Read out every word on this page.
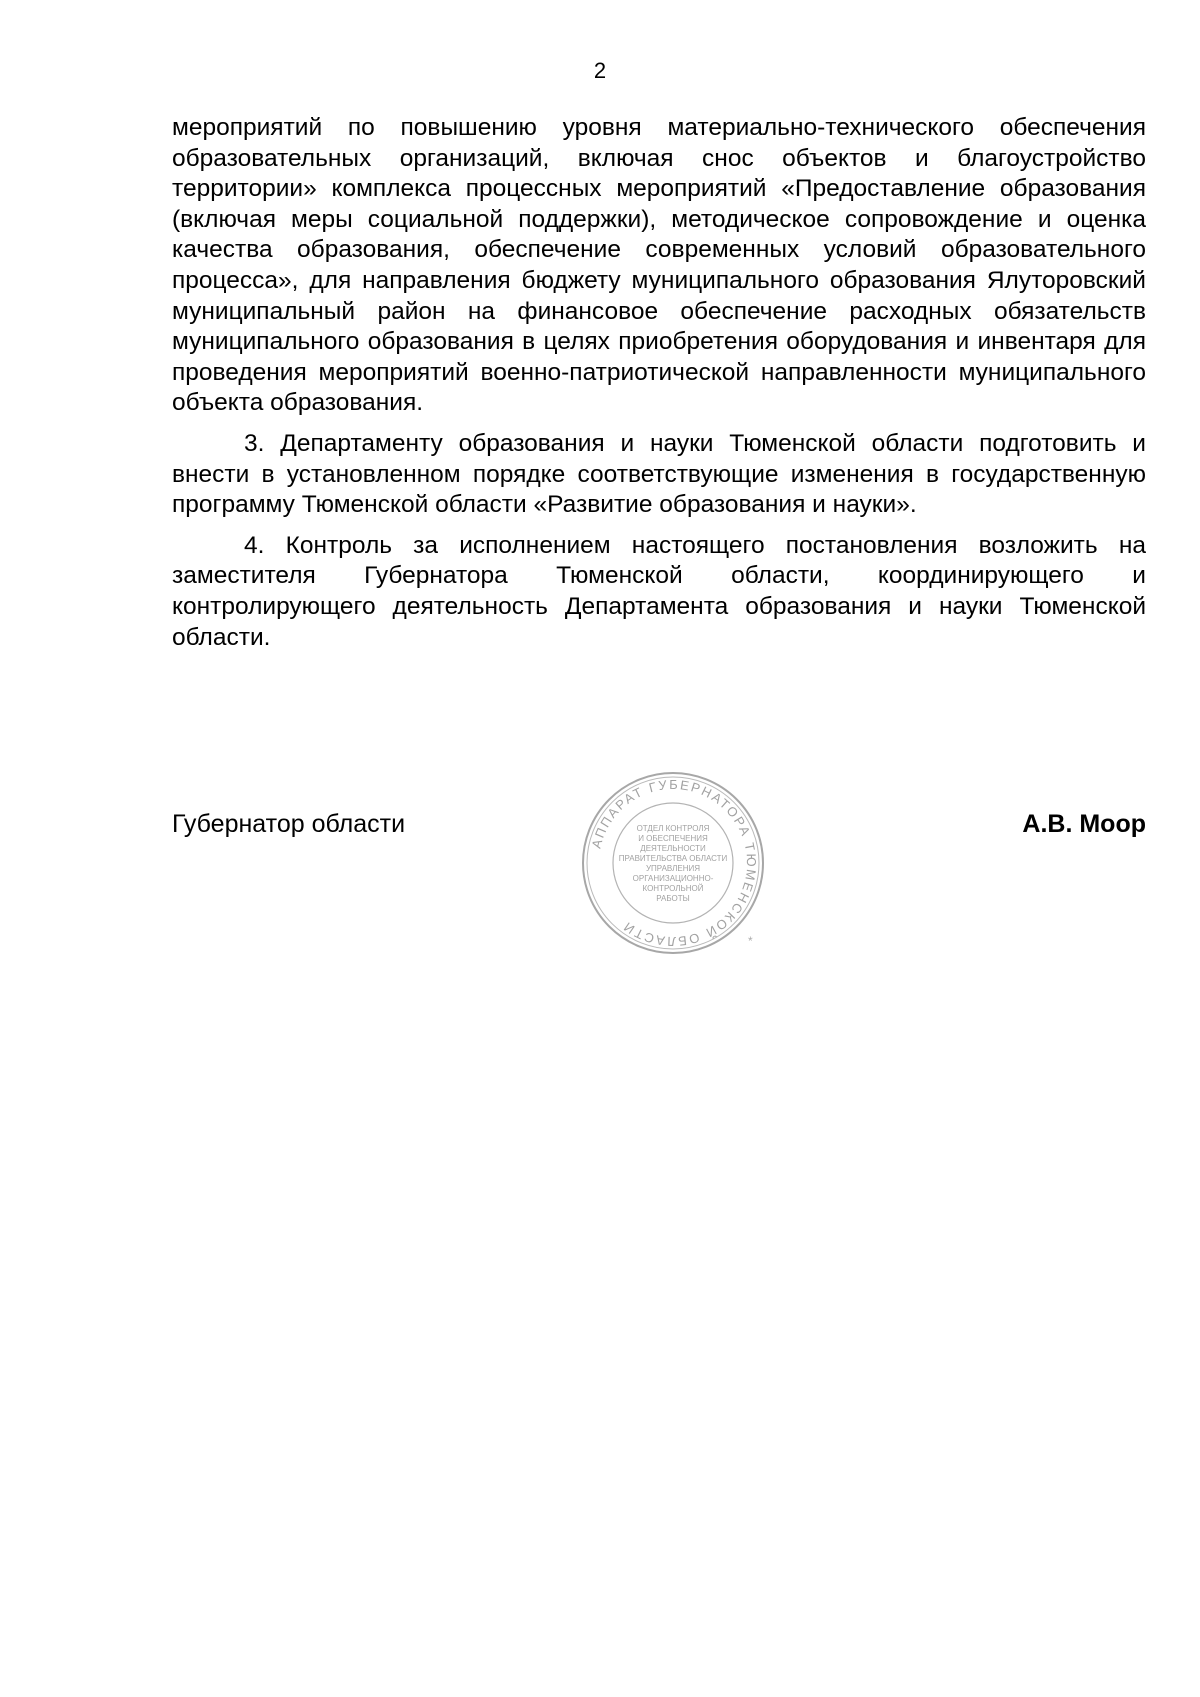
2

мероприятий по повышению уровня материально-технического обеспечения образовательных организаций, включая снос объектов и благоустройство территории» комплекса процессных мероприятий «Предоставление образования (включая меры социальной поддержки), методическое сопровождение и оценка качества образования, обеспечение современных условий образовательного процесса», для направления бюджету муниципального образования Ялуторовский муниципальный район на финансовое обеспечение расходных обязательств муниципального образования в целях приобретения оборудования и инвентаря для проведения мероприятий военно-патриотической направленности муниципального объекта образования.

3. Департаменту образования и науки Тюменской области подготовить и внести в установленном порядке соответствующие изменения в государственную программу Тюменской области «Развитие образования и науки».

4. Контроль за исполнением настоящего постановления возложить на заместителя Губернатора Тюменской области, координирующего и контролирующего деятельность Департамента образования и науки Тюменской области.

Губернатор области	А.В. Моор
АППАРАТ ГУБЕРНАТОРА ТЮМЕНСКОЙ ОБЛАСТИ
*
ОТДЕЛ КОНТРОЛЯ
И ОБЕСПЕЧЕНИЯ
ДЕЯТЕЛЬНОСТИ
ПРАВИТЕЛЬСТВА ОБЛАСТИ
УПРАВЛЕНИЯ
ОРГАНИЗАЦИОННО-
КОНТРОЛЬНОЙ
РАБОТЫ
